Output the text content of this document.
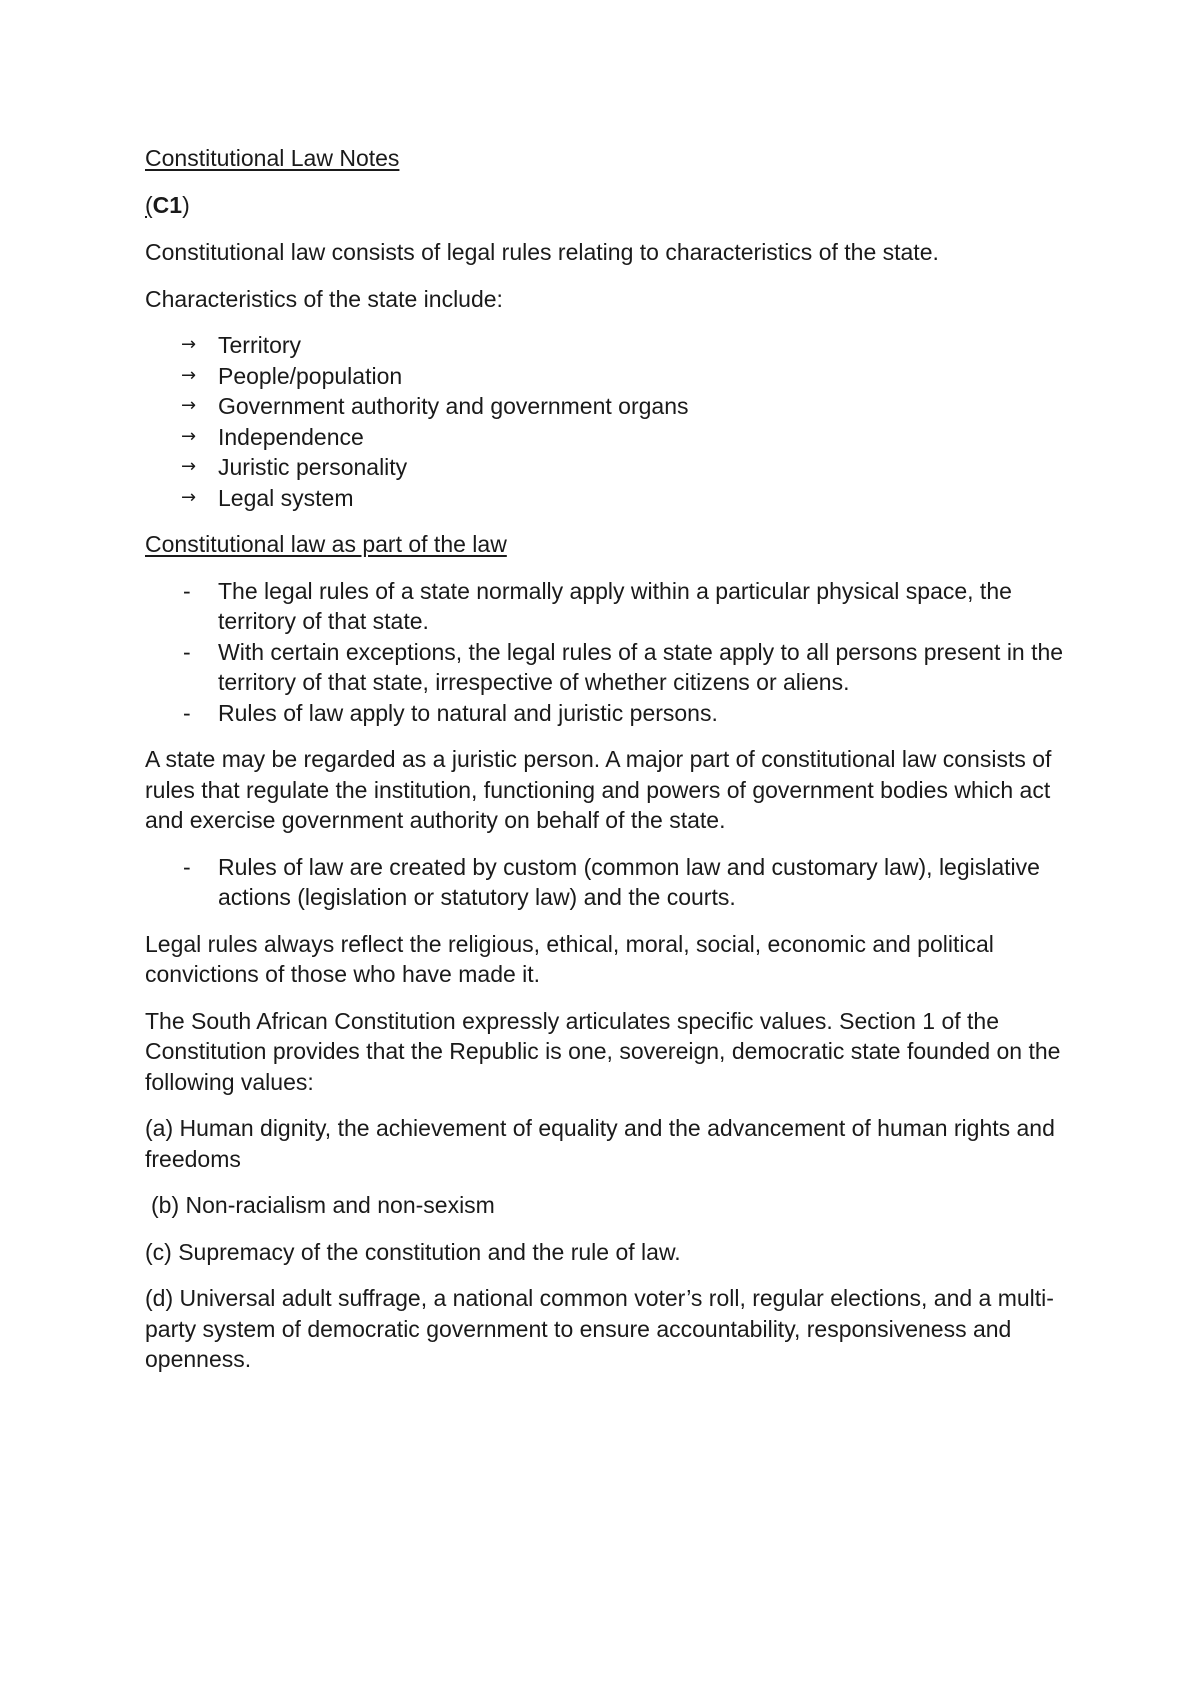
Constitutional Law Notes

(C1)

Constitutional law consists of legal rules relating to characteristics of the state.

Characteristics of the state include:

→ Territory
→ People/population
→ Government authority and government organs
→ Independence
→ Juristic personality
→ Legal system

Constitutional law as part of the law

- The legal rules of a state normally apply within a particular physical space, the territory of that state.
- With certain exceptions, the legal rules of a state apply to all persons present in the territory of that state, irrespective of whether citizens or aliens.
- Rules of law apply to natural and juristic persons.

A state may be regarded as a juristic person. A major part of constitutional law consists of rules that regulate the institution, functioning and powers of government bodies which act and exercise government authority on behalf of the state.

- Rules of law are created by custom (common law and customary law), legislative actions (legislation or statutory law) and the courts.

Legal rules always reflect the religious, ethical, moral, social, economic and political convictions of those who have made it.

The South African Constitution expressly articulates specific values. Section 1 of the Constitution provides that the Republic is one, sovereign, democratic state founded on the following values:

(a) Human dignity, the achievement of equality and the advancement of human rights and freedoms

(b) Non-racialism and non-sexism

(c) Supremacy of the constitution and the rule of law.

(d) Universal adult suffrage, a national common voter’s roll, regular elections, and a multi-party system of democratic government to ensure accountability, responsiveness and openness.
